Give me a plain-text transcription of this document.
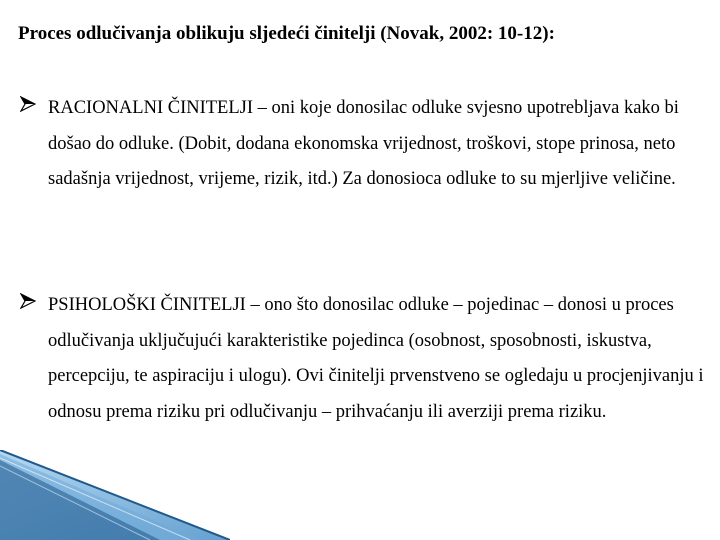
Proces odlučivanja oblikuju sljedeći činitelji (Novak, 2002: 10-12):
RACIONALNI ČINITELJI – oni koje donosilac odluke svjesno upotrebljava kako bi došao do odluke. (Dobit, dodana ekonomska vrijednost, troškovi, stope prinosa, neto sadašnja vrijednost, vrijeme, rizik, itd.) Za donosioca odluke to su mjerljive veličine.
PSIHOLOŠKI ČINITELJI – ono što donosilac odluke – pojedinac – donosi u proces odlučivanja uključujući karakteristike pojedinca (osobnost, sposobnosti, iskustva, percepciju, te aspiraciju i ulogu). Ovi činitelji prvenstveno se ogledaju u procjenjivanju i odnosu prema riziku pri odlučivanju – prihvaćanju ili averziji prema riziku.
